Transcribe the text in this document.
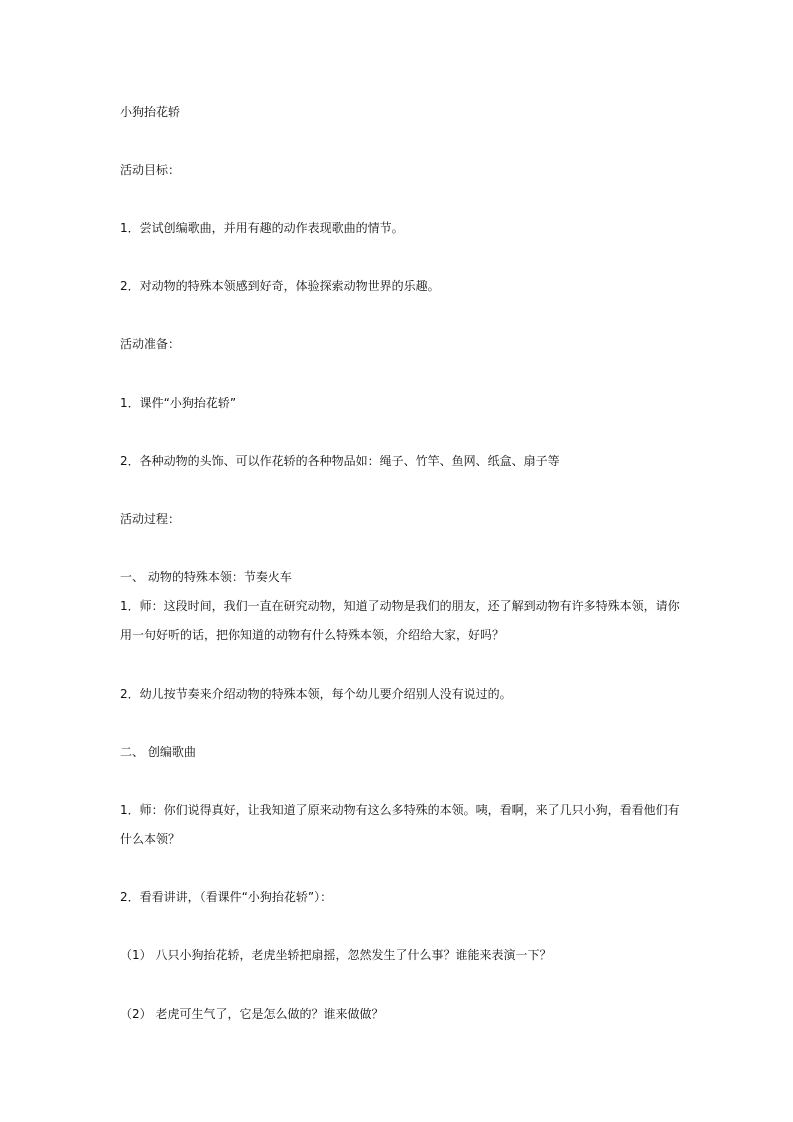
小狗抬花轿
活动目标：
1．尝试创编歌曲，并用有趣的动作表现歌曲的情节。
2．对动物的特殊本领感到好奇，体验探索动物世界的乐趣。
活动准备：
1．课件“小狗抬花轿”
2．各种动物的头饰、可以作花轿的各种物品如：绳子、竹竿、鱼网、纸盒、扇子等
活动过程：
一、 动物的特殊本领：节奏火车
1．师：这段时间，我们一直在研究动物，知道了动物是我们的朋友，还了解到动物有许多特殊本领，请你
用一句好听的话，把你知道的动物有什么特殊本领，介绍给大家，好吗？
2．幼儿按节奏来介绍动物的特殊本领，每个幼儿要介绍别人没有说过的。
二、 创编歌曲
1．师：你们说得真好，让我知道了原来动物有这么多特殊的本领。咦，看啊，来了几只小狗，看看他们有
什么本领？
2．看看讲讲，（看课件“小狗抬花轿”）：
（1） 八只小狗抬花轿，老虎坐轿把扇摇，忽然发生了什么事？谁能来表演一下？
（2） 老虎可生气了，它是怎么做的？谁来做做？
